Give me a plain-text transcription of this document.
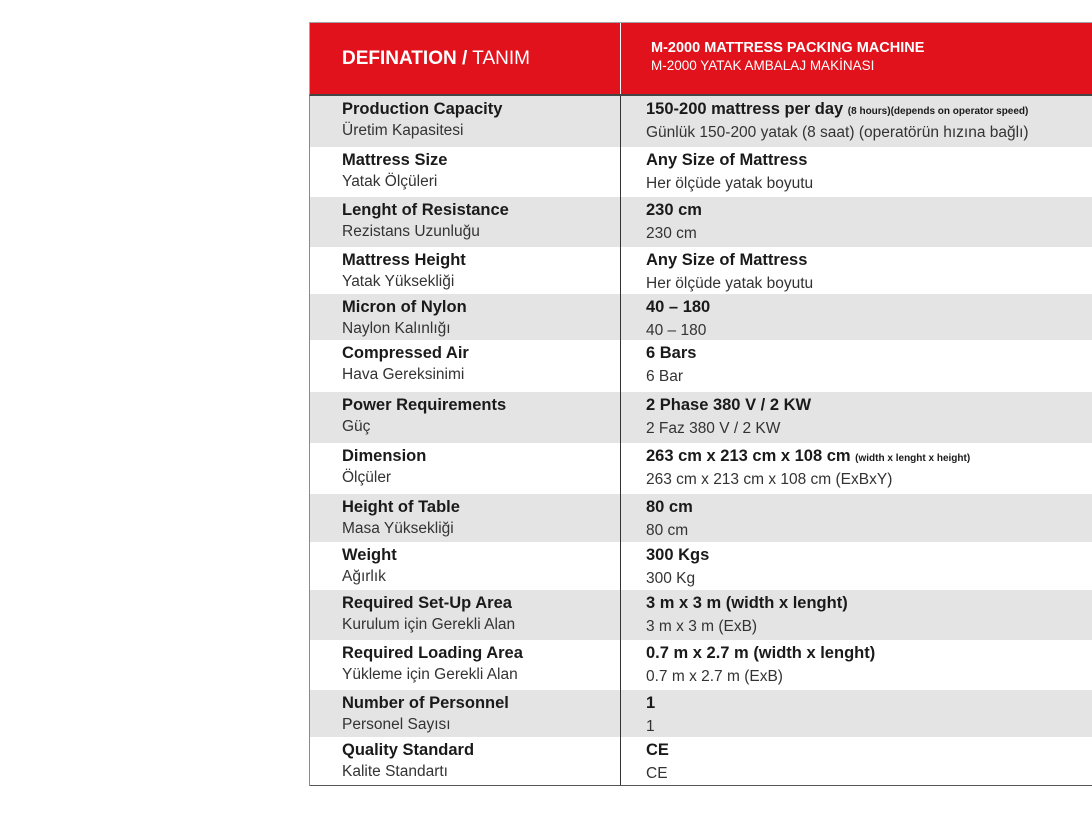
DEFINATION / TANIM	M-2000 MATTRESS PACKING MACHINE
M-2000 YATAK AMBALAJ MAKİNASI
Production Capacity
Üretim Kapasitesi
150-200 mattress per day (8 hours)(depends on operator speed)
Günlük 150-200 yatak (8 saat) (operatörün hızına bağlı)
Mattress Size
Yatak Ölçüleri
Any Size of Mattress
Her ölçüde yatak boyutu
Lenght of Resistance
Rezistans Uzunluğu
230 cm
230 cm
Mattress Height
Yatak Yüksekliği
Any Size of Mattress
Her ölçüde yatak boyutu
Micron of Nylon
Naylon Kalınlığı
40 – 180
40 – 180
Compressed Air
Hava Gereksinimi
6 Bars
6 Bar
Power Requirements
Güç
2 Phase 380 V / 2 KW
2 Faz 380 V / 2 KW
Dimension
Ölçüler
263 cm x 213 cm x 108 cm (width x lenght x height)
263 cm x 213 cm x 108 cm (ExBxY)
Height of Table
Masa Yüksekliği
80 cm
80 cm
Weight
Ağırlık
300 Kgs
300 Kg
Required Set-Up Area
Kurulum için Gerekli Alan
3 m x 3 m (width x lenght)
3 m x 3 m (ExB)
Required Loading Area
Yükleme için Gerekli Alan
0.7 m x 2.7 m (width x lenght)
0.7 m x 2.7 m (ExB)
Number of Personnel
Personel Sayısı
1
1
Quality Standard
Kalite Standartı
CE
CE
